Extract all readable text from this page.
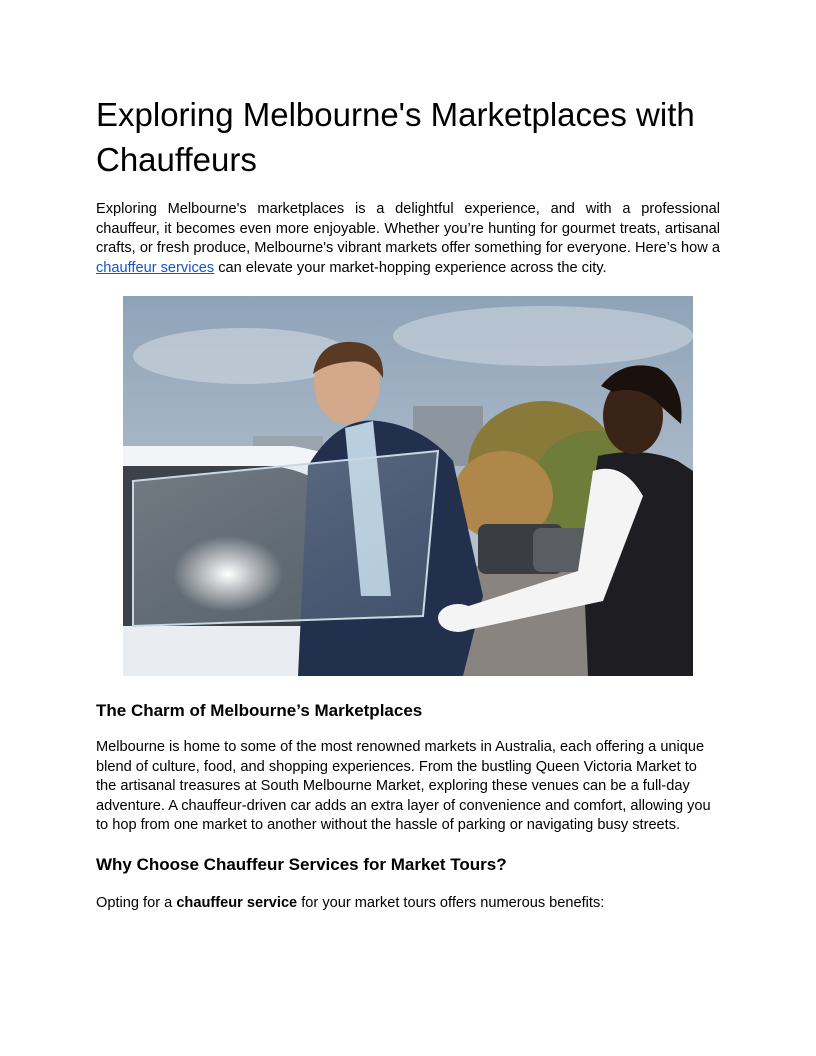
Exploring Melbourne's Marketplaces with Chauffeurs

Exploring Melbourne's marketplaces is a delightful experience, and with a professional chauffeur, it becomes even more enjoyable. Whether you’re hunting for gourmet treats, artisanal crafts, or fresh produce, Melbourne's vibrant markets offer something for everyone. Here’s how a chauffeur services can elevate your market-hopping experience across the city.

The Charm of Melbourne’s Marketplaces

Melbourne is home to some of the most renowned markets in Australia, each offering a unique blend of culture, food, and shopping experiences. From the bustling Queen Victoria Market to the artisanal treasures at South Melbourne Market, exploring these venues can be a full-day adventure. A chauffeur-driven car adds an extra layer of convenience and comfort, allowing you to hop from one market to another without the hassle of parking or navigating busy streets.

Why Choose Chauffeur Services for Market Tours?

Opting for a chauffeur service for your market tours offers numerous benefits:
